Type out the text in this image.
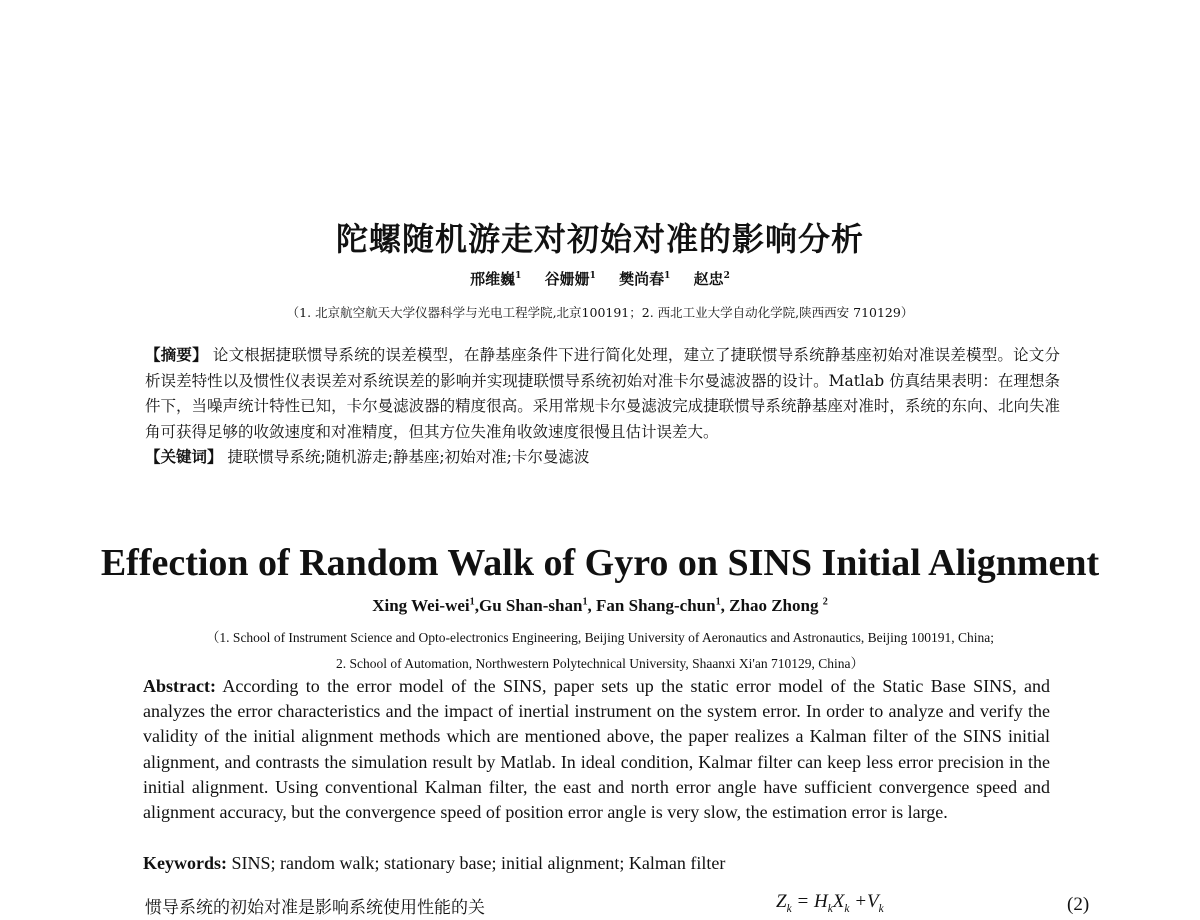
陀螺随机游走对初始对准的影响分析
邢维巍$^1$ 谷姗姗$^1$ 樊尚春$^1$ 赵忠$^2$
（1. 北京航空航天大学仪器科学与光电工程学院,北京100191；2. 西北工业大学自动化学院,陕西西安 710129）
【摘要】 论文根据捷联惯导系统的误差模型，在静基座条件下进行简化处理，建立了捷联惯导系统静基座初始对准误差模型。论文分析误差特性以及惯性仪表误差对系统误差的影响并实现捷联惯导系统初始对准卡尔曼滤波器的设计。Matlab 仿真结果表明：在理想条件下，当噪声统计特性已知，卡尔曼滤波器的精度很高。采用常规卡尔曼滤波完成捷联惯导系统静基座对准时，系统的东向、北向失准角可获得足够的收敛速度和对准精度，但其方位失准角收敛速度很慢且估计误差大。
【关键词】 捷联惯导系统;随机游走;静基座;初始对准;卡尔曼滤波
Effection of Random Walk of Gyro on SINS Initial Alignment
Xing Wei-wei$^1$,Gu Shan-shan$^1$, Fan Shang-chun$^1$, Zhao Zhong $^2$
（1. School of Instrument Science and Opto-electronics Engineering, Beijing University of Aeronautics and Astronautics, Beijing 100191, China;
2. School of Automation, Northwestern Polytechnical University, Shaanxi Xi'an 710129, China）
Abstract: According to the error model of the SINS, paper sets up the static error model of the Static Base SINS, and analyzes the error characteristics and the impact of inertial instrument on the system error. In order to analyze and verify the validity of the initial alignment methods which are mentioned above, the paper realizes a Kalman filter of the SINS initial alignment, and contrasts the simulation result by Matlab. In ideal condition, Kalmar filter can keep less error precision in the initial alignment. Using conventional Kalman filter, the east and north error angle have sufficient convergence speed and alignment accuracy, but the convergence speed of position error angle is very slow, the estimation error is large.
Keywords: SINS; random walk; stationary base; initial alignment; Kalman filter
惯导系统的初始对准是影响系统使用性能的关	$Z_k = H_kX_k +V_k$	(2)
